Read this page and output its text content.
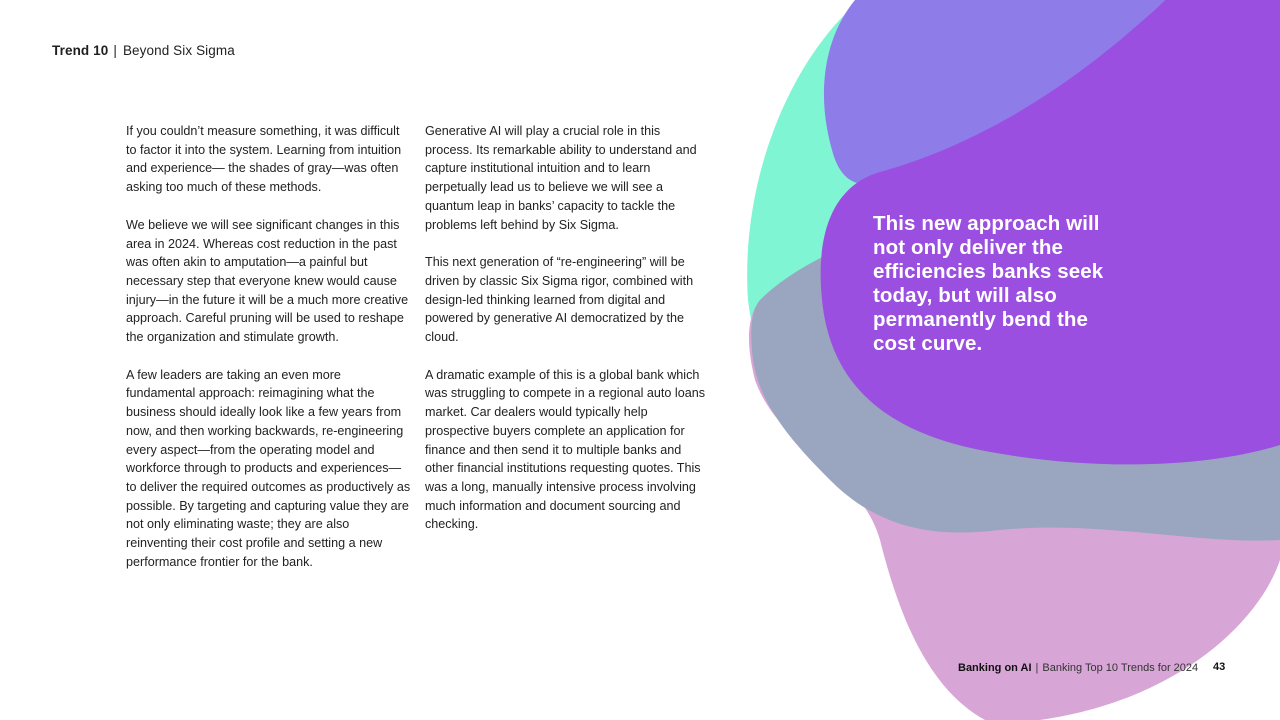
Trend 10 | Beyond Six Sigma

If you couldn’t measure something, it was difficult to factor it into the system. Learning from intuition and experience— the shades of gray—was often asking too much of these methods.

We believe we will see significant changes in this area in 2024. Whereas cost reduction in the past was often akin to amputation—a painful but necessary step that everyone knew would cause injury—in the future it will be a much more creative approach. Careful pruning will be used to reshape the organization and stimulate growth.

A few leaders are taking an even more fundamental approach: reimagining what the business should ideally look like a few years from now, and then working backwards, re-engineering every aspect—from the operating model and workforce through to products and experiences—to deliver the required outcomes as productively as possible. By targeting and capturing value they are not only eliminating waste; they are also reinventing their cost profile and setting a new performance frontier for the bank.

Generative AI will play a crucial role in this process. Its remarkable ability to understand and capture institutional intuition and to learn perpetually lead us to believe we will see a quantum leap in banks’ capacity to tackle the problems left behind by Six Sigma.

This next generation of “re-engineering” will be driven by classic Six Sigma rigor, combined with design-led thinking learned from digital and powered by generative AI democratized by the cloud.

A dramatic example of this is a global bank which was struggling to compete in a regional auto loans market. Car dealers would typically help prospective buyers complete an application for finance and then send it to multiple banks and other financial institutions requesting quotes. This was a long, manually intensive process involving much information and document sourcing and checking.

This new approach will not only deliver the efficiencies banks seek today, but will also permanently bend the cost curve.
Banking on AI | Banking Top 10 Trends for 2024 43
